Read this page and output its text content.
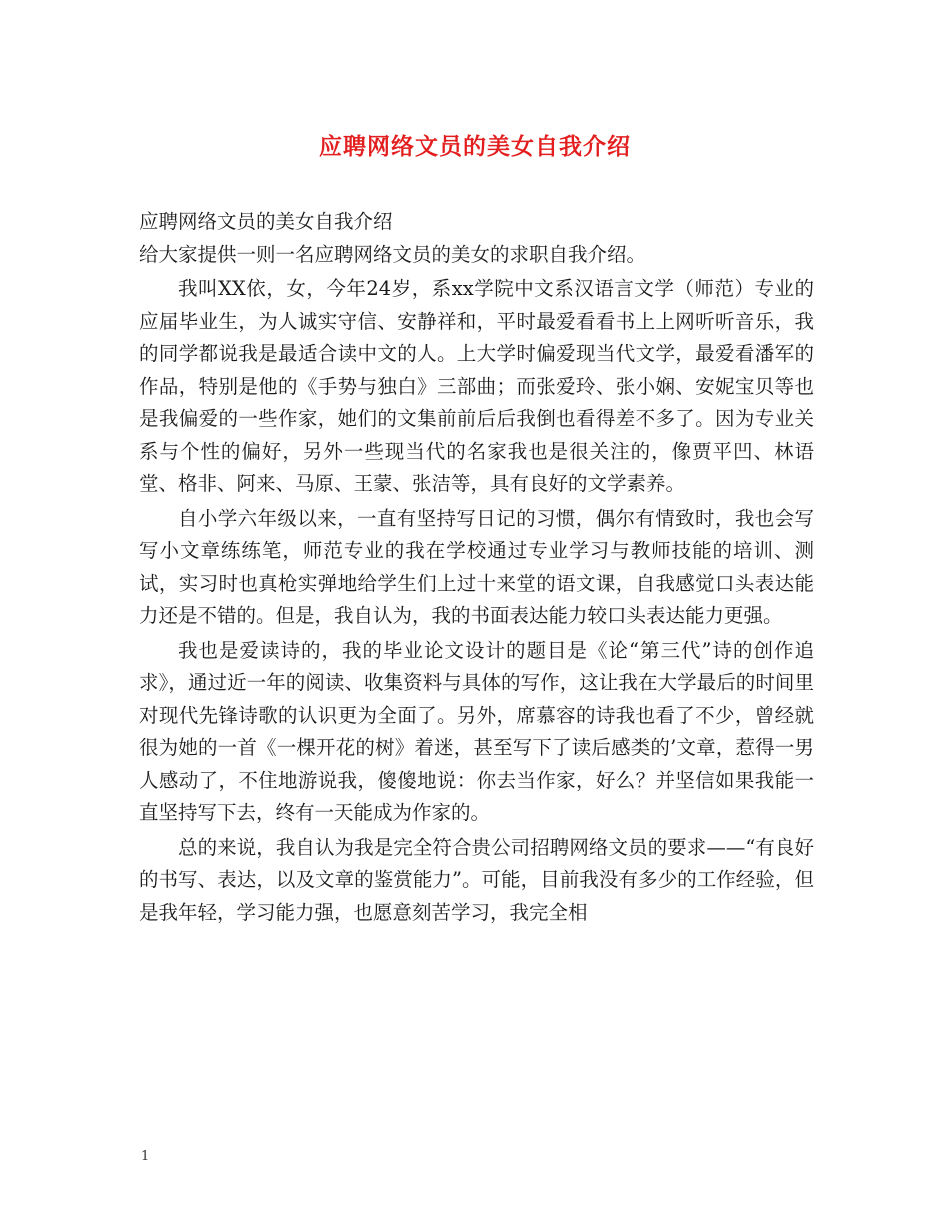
应聘网络文员的美女自我介绍

应聘网络文员的美女自我介绍

给大家提供一则一名应聘网络文员的美女的求职自我介绍。

我叫XX依，女，今年24岁，系xx学院中文系汉语言文学（师范）专业的应届毕业生，为人诚实守信、安静祥和，平时最爱看看书上上网听听音乐，我的同学都说我是最适合读中文的人。上大学时偏爱现当代文学，最爱看潘军的作品，特别是他的《手势与独白》三部曲；而张爱玲、张小娴、安妮宝贝等也是我偏爱的一些作家，她们的文集前前后后我倒也看得差不多了。因为专业关系与个性的偏好，另外一些现当代的名家我也是很关注的，像贾平凹、林语堂、格非、阿来、马原、王蒙、张洁等，具有良好的文学素养。

自小学六年级以来，一直有坚持写日记的习惯，偶尔有情致时，我也会写写小文章练练笔，师范专业的我在学校通过专业学习与教师技能的培训、测试，实习时也真枪实弹地给学生们上过十来堂的语文课，自我感觉口头表达能力还是不错的。但是，我自认为，我的书面表达能力较口头表达能力更强。

我也是爱读诗的，我的毕业论文设计的题目是《论“第三代”诗的创作追求》，通过近一年的阅读、收集资料与具体的写作，这让我在大学最后的时间里对现代先锋诗歌的认识更为全面了。另外，席慕容的诗我也看了不少，曾经就很为她的一首《一棵开花的树》着迷，甚至写下了读后感类的’文章，惹得一男人感动了，不住地游说我，傻傻地说：你去当作家，好么？并坚信如果我能一直坚持写下去，终有一天能成为作家的。

总的来说，我自认为我是完全符合贵公司招聘网络文员的要求——“有良好的书写、表达，以及文章的鉴赏能力”。可能，目前我没有多少的工作经验，但是我年轻，学习能力强，也愿意刻苦学习，我完全相

1
